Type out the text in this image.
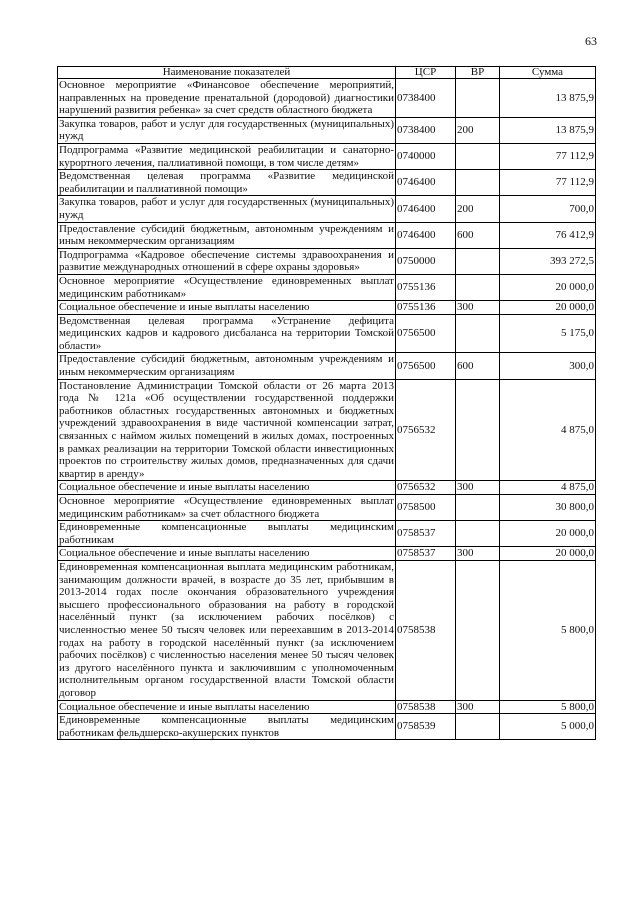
63
Наименование показателей	ЦСР	ВР	Сумма
Основное мероприятие «Финансовое обеспечение мероприятий, направленных на проведение пренатальной (дородовой) диагностики нарушений развития ребенка» за счет средств областного бюджета	0738400		13 875,9
Закупка товаров, работ и услуг для государственных (муниципальных) нужд	0738400	200	13 875,9
Подпрограмма «Развитие медицинской реабилитации и санаторно-курортного лечения, паллиативной помощи, в том числе детям»	0740000		77 112,9
Ведомственная целевая программа «Развитие медицинской реабилитации и паллиативной помощи»	0746400		77 112,9
Закупка товаров, работ и услуг для государственных (муниципальных) нужд	0746400	200	700,0
Предоставление субсидий бюджетным, автономным учреждениям и иным некоммерческим организациям	0746400	600	76 412,9
Подпрограмма «Кадровое обеспечение системы здравоохранения и развитие международных отношений в сфере охраны здоровья»	0750000		393 272,5
Основное мероприятие «Осуществление единовременных выплат медицинским работникам»	0755136		20 000,0
Социальное обеспечение и иные выплаты населению	0755136	300	20 000,0
Ведомственная целевая программа «Устранение дефицита медицинских кадров и кадрового дисбаланса на территории Томской области»	0756500		5 175,0
Предоставление субсидий бюджетным, автономным учреждениям и иным некоммерческим организациям	0756500	600	300,0
Постановление Администрации Томской области от 26 марта 2013 года № 121а «Об осуществлении государственной поддержки работников областных государственных автономных и бюджетных учреждений здравоохранения в виде частичной компенсации затрат, связанных с наймом жилых помещений в жилых домах, построенных в рамках реализации на территории Томской области инвестиционных проектов по строительству жилых домов, предназначенных для сдачи квартир в аренду»	0756532		4 875,0
Социальное обеспечение и иные выплаты населению	0756532	300	4 875,0
Основное мероприятие «Осуществление единовременных выплат медицинским работникам» за счет областного бюджета	0758500		30 800,0
Единовременные компенсационные выплаты медицинским работникам	0758537		20 000,0
Социальное обеспечение и иные выплаты населению	0758537	300	20 000,0
Единовременная компенсационная выплата медицинским работникам, занимающим должности врачей, в возрасте до 35 лет, прибывшим в 2013-2014 годах после окончания образовательного учреждения высшего профессионального образования на работу в городской населённый пункт (за исключением рабочих посёлков) с численностью менее 50 тысяч человек или переехавшим в 2013-2014 годах на работу в городской населённый пункт (за исключением рабочих посёлков) с численностью населения менее 50 тысяч человек из другого населённого пункта и заключившим с уполномоченным исполнительным органом государственной власти Томской области договор	0758538		5 800,0
Социальное обеспечение и иные выплаты населению	0758538	300	5 800,0
Единовременные компенсационные выплаты медицинским работникам фельдшерско-акушерских пунктов	0758539		5 000,0
